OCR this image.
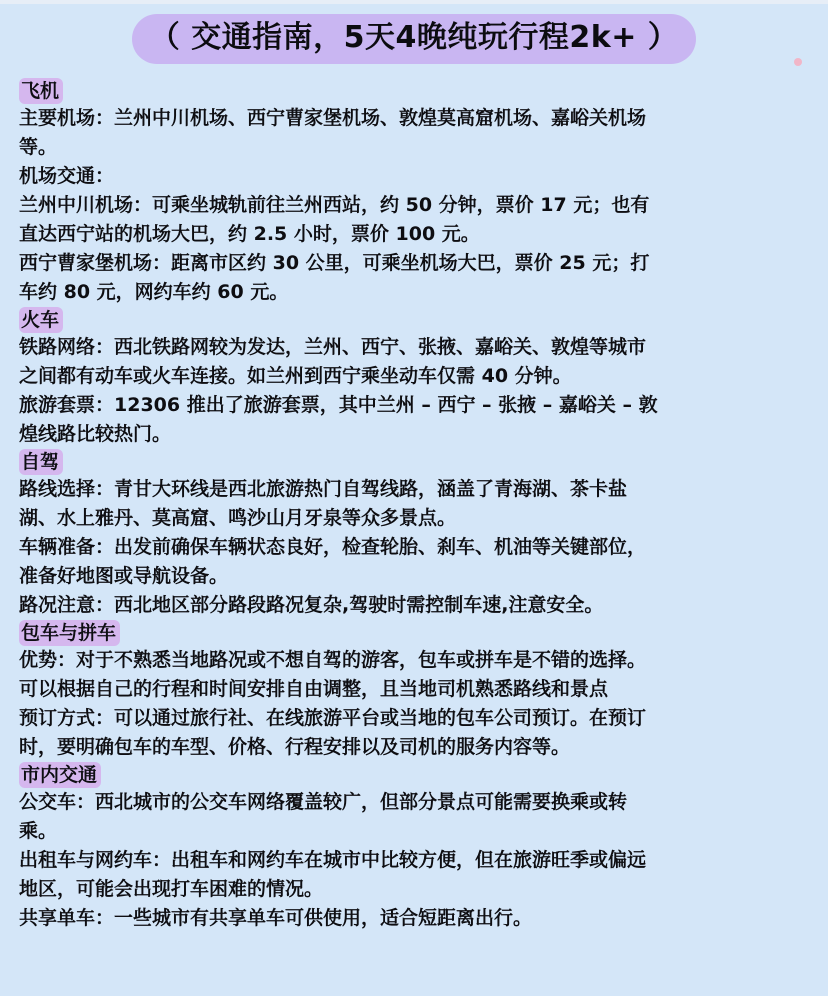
（ 交通指南，5天4晚纯玩行程2k+ ）
飞机

主要机场：兰州中川机场、西宁曹家堡机场、敦煌莫高窟机场、嘉峪关机场

等。

机场交通：

兰州中川机场：可乘坐城轨前往兰州西站，约 50 分钟，票价 17 元；也有

直达西宁站的机场大巴，约 2.5 小时，票价 100 元。

西宁曹家堡机场：距离市区约 30 公里，可乘坐机场大巴，票价 25 元；打

车约 80 元，网约车约 60 元。

火车

铁路网络：西北铁路网较为发达，兰州、西宁、张掖、嘉峪关、敦煌等城市

之间都有动车或火车连接。如兰州到西宁乘坐动车仅需 40 分钟。

旅游套票：12306 推出了旅游套票，其中兰州 – 西宁 – 张掖 – 嘉峪关 – 敦

煌线路比较热门。

自驾

路线选择：青甘大环线是西北旅游热门自驾线路，涵盖了青海湖、茶卡盐

湖、水上雅丹、莫高窟、鸣沙山月牙泉等众多景点。

车辆准备：出发前确保车辆状态良好，检查轮胎、刹车、机油等关键部位，

准备好地图或导航设备。

路况注意：西北地区部分路段路况复杂,驾驶时需控制车速,注意安全。

包车与拼车

优势：对于不熟悉当地路况或不想自驾的游客，包车或拼车是不错的选择。

可以根据自己的行程和时间安排自由调整，且当地司机熟悉路线和景点

预订方式：可以通过旅行社、在线旅游平台或当地的包车公司预订。在预订

时，要明确包车的车型、价格、行程安排以及司机的服务内容等。

市内交通

公交车：西北城市的公交车网络覆盖较广，但部分景点可能需要换乘或转

乘。

出租车与网约车：出租车和网约车在城市中比较方便，但在旅游旺季或偏远

地区，可能会出现打车困难的情况。

共享单车：一些城市有共享单车可供使用，适合短距离出行。
